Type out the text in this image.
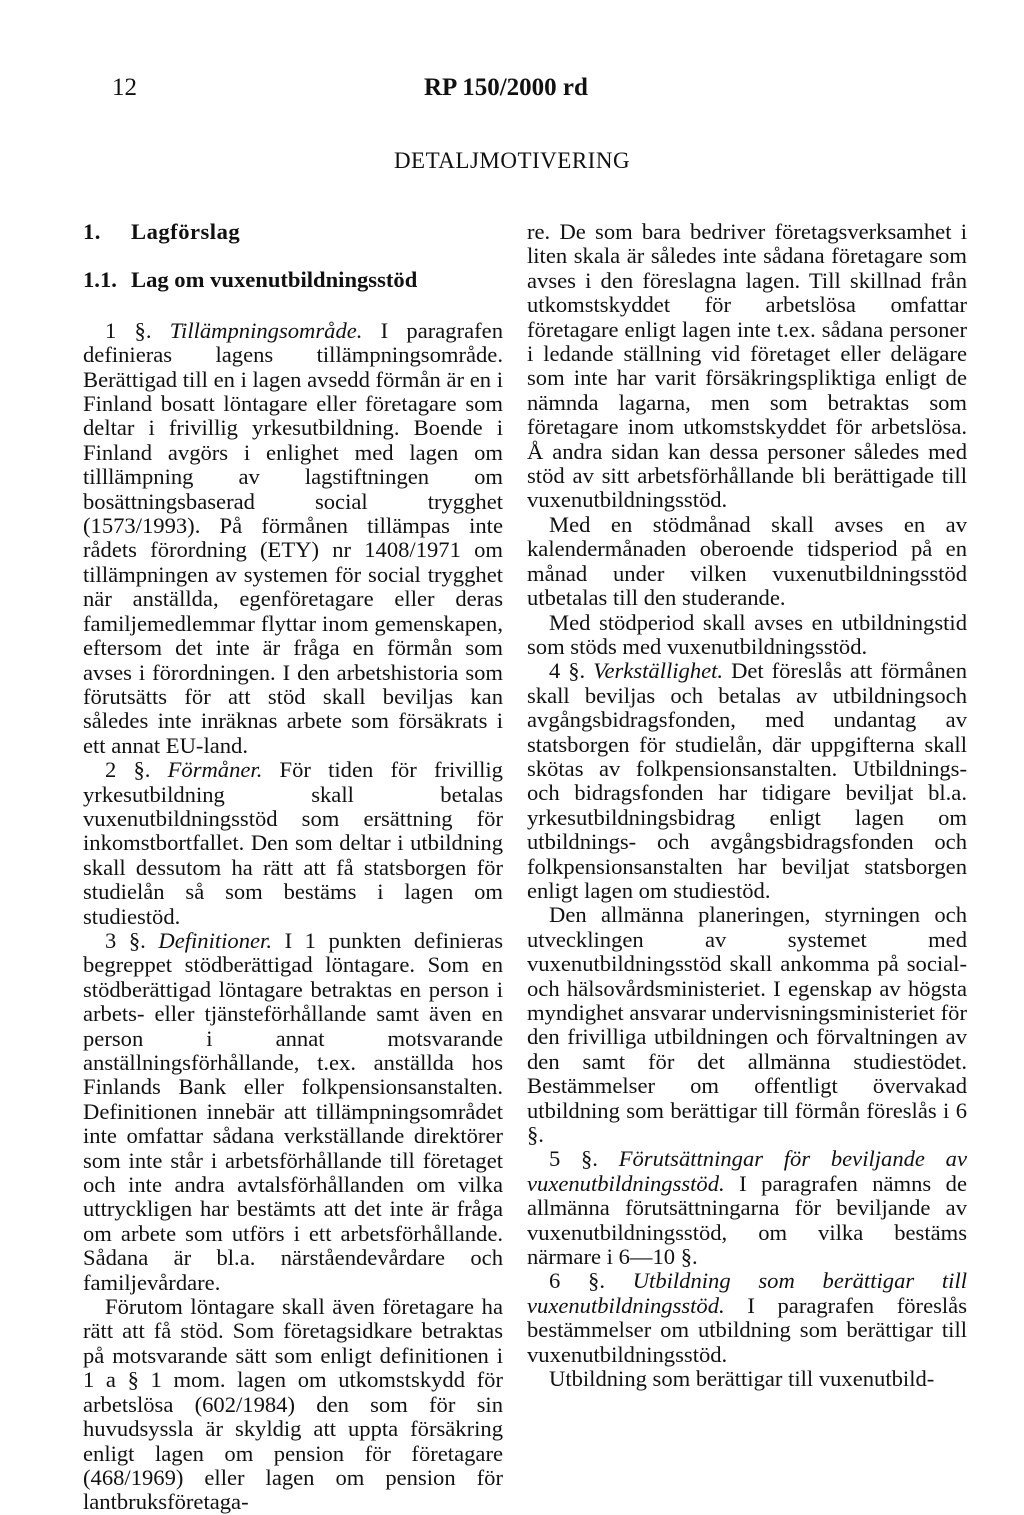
12	RP 150/2000 rd
DETALJMOTIVERING
1. Lagförslag
1.1. Lag om vuxenutbildningsstöd

1 §. Tillämpningsområde. I paragrafen definieras lagens tillämpningsområde. Berättigad till en i lagen avsedd förmån är en i Finland bosatt löntagare eller företagare som deltar i frivillig yrkesutbildning. Boende i Finland avgörs i enlighet med lagen om tilllämpning av lagstiftningen om bosättningsbaserad social trygghet (1573/1993). På förmånen tillämpas inte rådets förordning (ETY) nr 1408/1971 om tillämpningen av systemen för social trygghet när anställda, egenföretagare eller deras familjemedlemmar flyttar inom gemenskapen, eftersom det inte är fråga en förmån som avses i förordningen. I den arbetshistoria som förutsätts för att stöd skall beviljas kan således inte inräknas arbete som försäkrats i ett annat EU-land.

2 §. Förmåner. För tiden för frivillig yrkesutbildning skall betalas vuxenutbildningsstöd som ersättning för inkomstbortfallet. Den som deltar i utbildning skall dessutom ha rätt att få statsborgen för studielån så som bestäms i lagen om studiestöd.

3 §. Definitioner. I 1 punkten definieras begreppet stödberättigad löntagare. Som en stödberättigad löntagare betraktas en person i arbets- eller tjänsteförhållande samt även en person i annat motsvarande anställningsförhållande, t.ex. anställda hos Finlands Bank eller folkpensionsanstalten. Definitionen innebär att tillämpningsområdet inte omfattar sådana verkställande direktörer som inte står i arbetsförhållande till företaget och inte andra avtalsförhållanden om vilka uttryckligen har bestämts att det inte är fråga om arbete som utförs i ett arbetsförhållande. Sådana är bl.a. närståendevårdare och familjevårdare.

Förutom löntagare skall även företagare ha rätt att få stöd. Som företagsidkare betraktas på motsvarande sätt som enligt definitionen i 1 a § 1 mom. lagen om utkomstskydd för arbetslösa (602/1984) den som för sin huvudsyssla är skyldig att uppta försäkring enligt lagen om pension för företagare (468/1969) eller lagen om pension för lantbruksföretaga-

re. De som bara bedriver företagsverksamhet i liten skala är således inte sådana företagare som avses i den föreslagna lagen. Till skillnad från utkomstskyddet för arbetslösa omfattar företagare enligt lagen inte t.ex. sådana personer i ledande ställning vid företaget eller delägare som inte har varit försäkringspliktiga enligt de nämnda lagarna, men som betraktas som företagare inom utkomstskyddet för arbetslösa. Å andra sidan kan dessa personer således med stöd av sitt arbetsförhållande bli berättigade till vuxenutbildningsstöd.

Med en stödmånad skall avses en av kalendermånaden oberoende tidsperiod på en månad under vilken vuxenutbildningsstöd utbetalas till den studerande.

Med stödperiod skall avses en utbildningstid som stöds med vuxenutbildningsstöd.

4 §. Verkställighet. Det föreslås att förmånen skall beviljas och betalas av utbildningsoch avgångsbidragsfonden, med undantag av statsborgen för studielån, där uppgifterna skall skötas av folkpensionsanstalten. Utbildnings- och bidragsfonden har tidigare beviljat bl.a. yrkesutbildningsbidrag enligt lagen om utbildnings- och avgångsbidragsfonden och folkpensionsanstalten har beviljat statsborgen enligt lagen om studiestöd.

Den allmänna planeringen, styrningen och utvecklingen av systemet med vuxenutbildningsstöd skall ankomma på social- och hälsovårdsministeriet. I egenskap av högsta myndighet ansvarar undervisningsministeriet för den frivilliga utbildningen och förvaltningen av den samt för det allmänna studiestödet. Bestämmelser om offentligt övervakad utbildning som berättigar till förmån föreslås i 6 §.

5 §. Förutsättningar för beviljande av vuxenutbildningsstöd. I paragrafen nämns de allmänna förutsättningarna för beviljande av vuxenutbildningsstöd, om vilka bestäms närmare i 6—10 §.

6 §. Utbildning som berättigar till vuxenutbildningsstöd. I paragrafen föreslås bestämmelser om utbildning som berättigar till vuxenutbildningsstöd.

Utbildning som berättigar till vuxenutbild-
